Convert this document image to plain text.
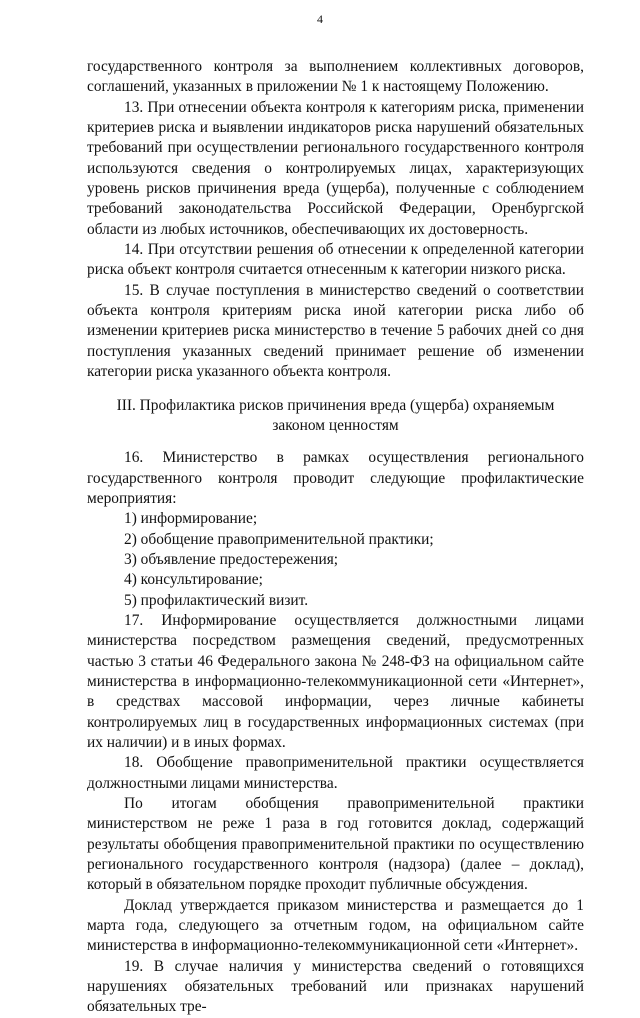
4

государственного контроля за выполнением коллективных договоров, соглашений, указанных в приложении № 1 к настоящему Положению.

13. При отнесении объекта контроля к категориям риска, применении критериев риска и выявлении индикаторов риска нарушений обязательных требований при осуществлении регионального государственного контроля используются сведения о контролируемых лицах, характеризующих уровень рисков причинения вреда (ущерба), полученные с соблюдением требований законодательства Российской Федерации, Оренбургской области из любых источников, обеспечивающих их достоверность.

14. При отсутствии решения об отнесении к определенной категории риска объект контроля считается отнесенным к категории низкого риска.

15. В случае поступления в министерство сведений о соответствии объекта контроля критериям риска иной категории риска либо об изменении критериев риска министерство в течение 5 рабочих дней со дня поступления указанных сведений принимает решение об изменении категории риска указанного объекта контроля.

III. Профилактика рисков причинения вреда (ущерба) охраняемым законом ценностям

16. Министерство в рамках осуществления регионального государственного контроля проводит следующие профилактические мероприятия:

1) информирование;

2) обобщение правоприменительной практики;

3) объявление предостережения;

4) консультирование;

5) профилактический визит.

17. Информирование осуществляется должностными лицами министерства посредством размещения сведений, предусмотренных частью 3 статьи 46 Федерального закона № 248-ФЗ на официальном сайте министерства в информационно-телекоммуникационной сети «Интернет», в средствах массовой информации, через личные кабинеты контролируемых лиц в государственных информационных системах (при их наличии) и в иных формах.

18. Обобщение правоприменительной практики осуществляется должностными лицами министерства.

По итогам обобщения правоприменительной практики министерством не реже 1 раза в год готовится доклад, содержащий результаты обобщения правоприменительной практики по осуществлению регионального государственного контроля (надзора) (далее – доклад), который в обязательном порядке проходит публичные обсуждения.

Доклад утверждается приказом министерства и размещается до 1 марта года, следующего за отчетным годом, на официальном сайте министерства в информационно-телекоммуникационной сети «Интернет».

19. В случае наличия у министерства сведений о готовящихся нарушениях обязательных требований или признаках нарушений обязательных тре-
